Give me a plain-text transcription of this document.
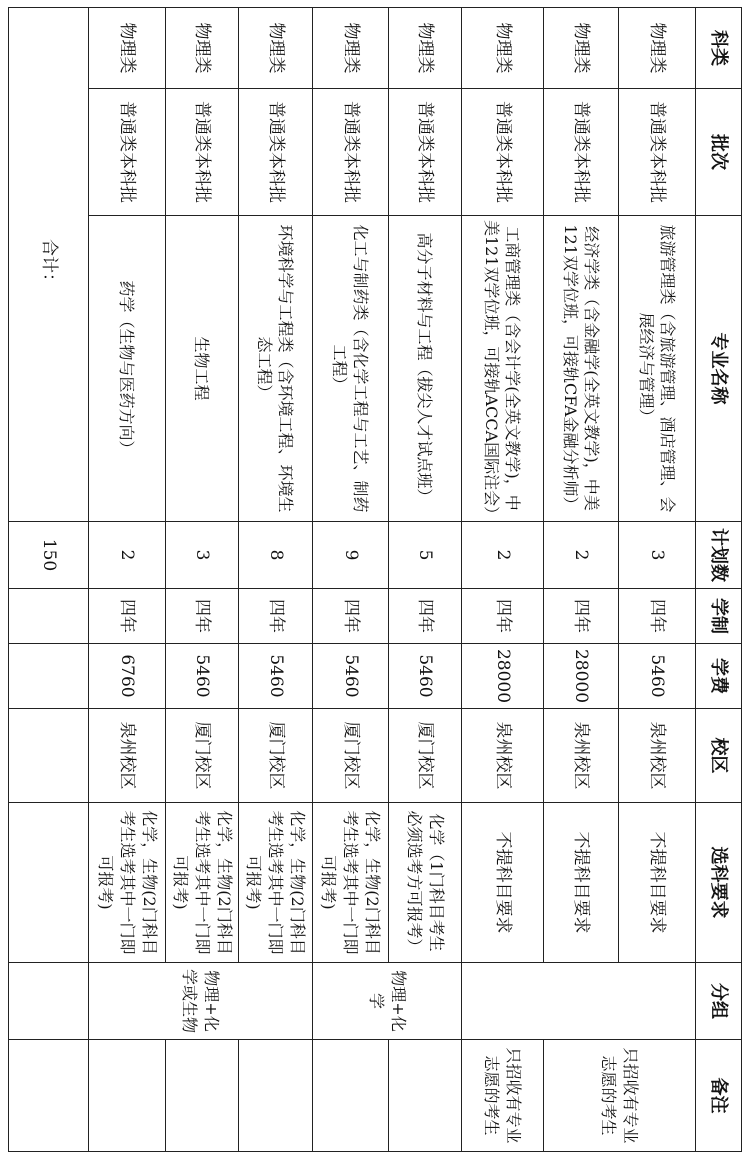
科类	批次	专业名称	计划数	学制	学费	校区	选科要求	分组	备注
物理类	普通类本科批	旅游管理类（含旅游管理、酒店管理、会展经济与管理）	3	四年	5460	泉州校区	不提科目要求		只招收有专业志愿的考生
物理类	普通类本科批	经济学类（含金融学(全英文教学)，中美121双学位班，可接轨CFA金融分析师）	2	四年	28000	泉州校区	不提科目要求		
物理类	普通类本科批	工商管理类（含会计学(全英文教学)，中美121双学位班，可接轨ACCA国际注会）	2	四年	28000	泉州校区	不提科目要求		只招收有专业志愿的考生
物理类	普通类本科批	高分子材料与工程（拔尖人才试点班）	5	四年	5460	厦门校区	化学（1门科目考生必须选考方可报考）	物理+化学	
物理类	普通类本科批	化工与制药类（含化学工程与工艺、制药工程）	9	四年	5460	厦门校区	化学，生物(2门科目考生选考其中一门即可报考)		
物理类	普通类本科批	环境科学与工程类（含环境工程、环境生态工程）	8	四年	5460	厦门校区	化学，生物(2门科目考生选考其中一门即可报考)	物理+化学或生物	
物理类	普通类本科批	生物工程	3	四年	5460	厦门校区	化学，生物(2门科目考生选考其中一门即可报考)		
物理类	普通类本科批	药学（生物与医药方向）	2	四年	6760	泉州校区	化学，生物(2门科目考生选考其中一门即可报考)		
合计：			150						
